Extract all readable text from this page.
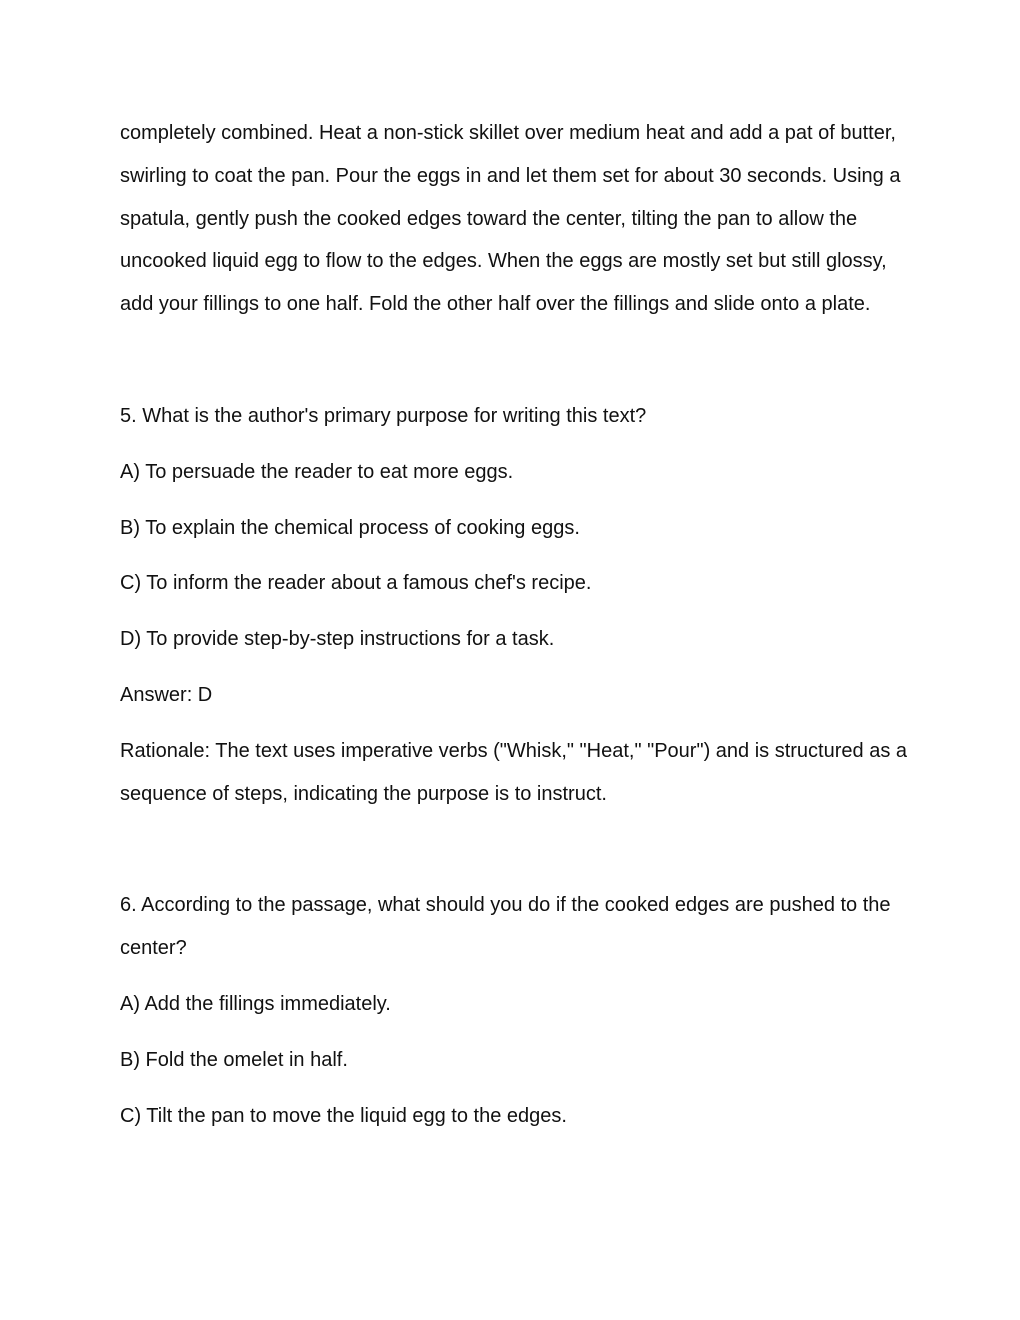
completely combined. Heat a non-stick skillet over medium heat and add a pat of butter, swirling to coat the pan. Pour the eggs in and let them set for about 30 seconds. Using a spatula, gently push the cooked edges toward the center, tilting the pan to allow the uncooked liquid egg to flow to the edges. When the eggs are mostly set but still glossy, add your fillings to one half. Fold the other half over the fillings and slide onto a plate.

5. What is the author's primary purpose for writing this text?

A) To persuade the reader to eat more eggs.

B) To explain the chemical process of cooking eggs.

C) To inform the reader about a famous chef's recipe.

D) To provide step-by-step instructions for a task.

Answer: D

Rationale: The text uses imperative verbs ("Whisk," "Heat," "Pour") and is structured as a sequence of steps, indicating the purpose is to instruct.

6. According to the passage, what should you do if the cooked edges are pushed to the center?

A) Add the fillings immediately.

B) Fold the omelet in half.

C) Tilt the pan to move the liquid egg to the edges.
